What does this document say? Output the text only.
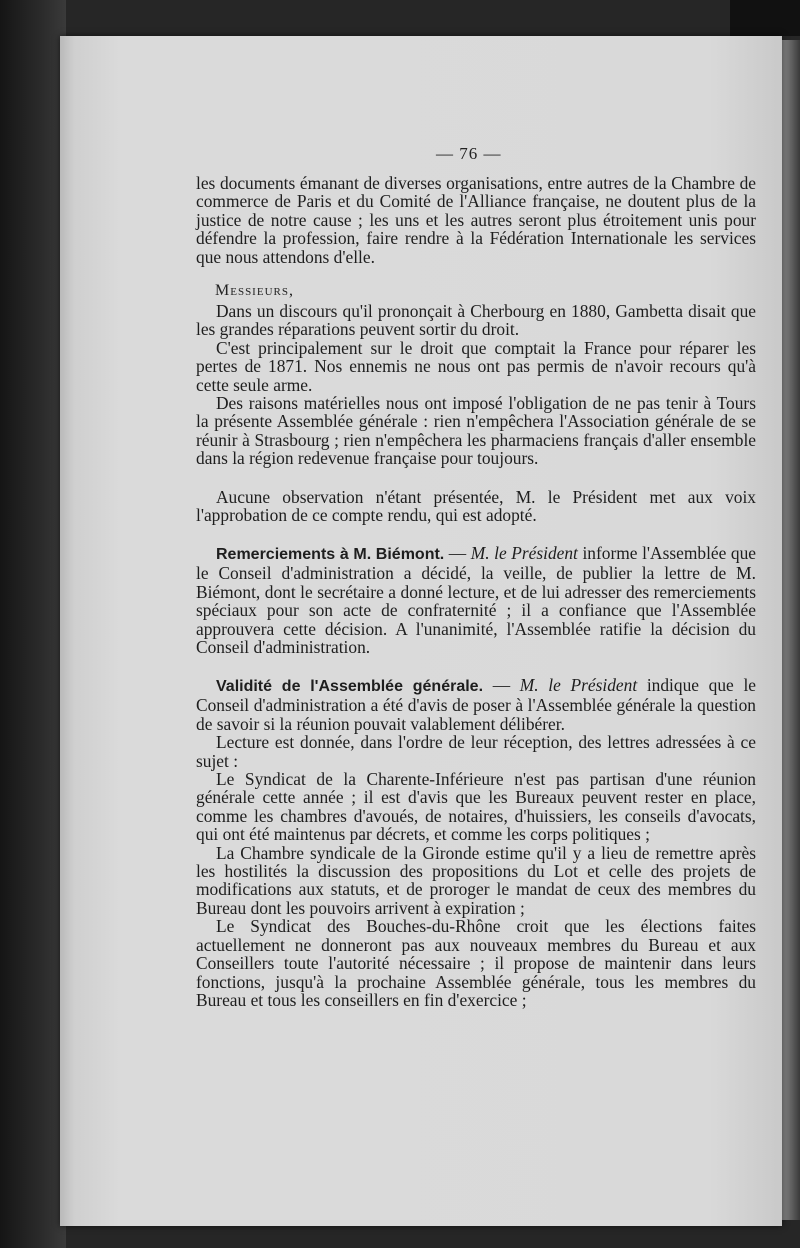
— 76 —

les documents émanant de diverses organisations, entre autres de la Chambre de commerce de Paris et du Comité de l'Alliance française, ne doutent plus de la justice de notre cause ; les uns et les autres seront plus étroitement unis pour défendre la profession, faire rendre à la Fédération Internationale les services que nous attendons d'elle.

Messieurs,

Dans un discours qu'il prononçait à Cherbourg en 1880, Gambetta disait que les grandes réparations peuvent sortir du droit.

C'est principalement sur le droit que comptait la France pour réparer les pertes de 1871. Nos ennemis ne nous ont pas permis de n'avoir recours qu'à cette seule arme.

Des raisons matérielles nous ont imposé l'obligation de ne pas tenir à Tours la présente Assemblée générale : rien n'empêchera l'Association générale de se réunir à Strasbourg ; rien n'empêchera les pharmaciens français d'aller ensemble dans la région redevenue française pour toujours.

Aucune observation n'étant présentée, M. le Président met aux voix l'approbation de ce compte rendu, qui est adopté.

Remerciements à M. Biémont. — M. le Président informe l'Assemblée que le Conseil d'administration a décidé, la veille, de publier la lettre de M. Biémont, dont le secrétaire a donné lecture, et de lui adresser des remerciements spéciaux pour son acte de confraternité ; il a confiance que l'Assemblée approuvera cette décision. A l'unanimité, l'Assemblée ratifie la décision du Conseil d'administration.

Validité de l'Assemblée générale. — M. le Président indique que le Conseil d'administration a été d'avis de poser à l'Assemblée générale la question de savoir si la réunion pouvait valablement délibérer.

Lecture est donnée, dans l'ordre de leur réception, des lettres adressées à ce sujet :

Le Syndicat de la Charente-Inférieure n'est pas partisan d'une réunion générale cette année ; il est d'avis que les Bureaux peuvent rester en place, comme les chambres d'avoués, de notaires, d'huissiers, les conseils d'avocats, qui ont été maintenus par décrets, et comme les corps politiques ;

La Chambre syndicale de la Gironde estime qu'il y a lieu de remettre après les hostilités la discussion des propositions du Lot et celle des projets de modifications aux statuts, et de proroger le mandat de ceux des membres du Bureau dont les pouvoirs arrivent à expiration ;

Le Syndicat des Bouches-du-Rhône croit que les élections faites actuellement ne donneront pas aux nouveaux membres du Bureau et aux Conseillers toute l'autorité nécessaire ; il propose de maintenir dans leurs fonctions, jusqu'à la prochaine Assemblée générale, tous les membres du Bureau et tous les conseillers en fin d'exercice ;
